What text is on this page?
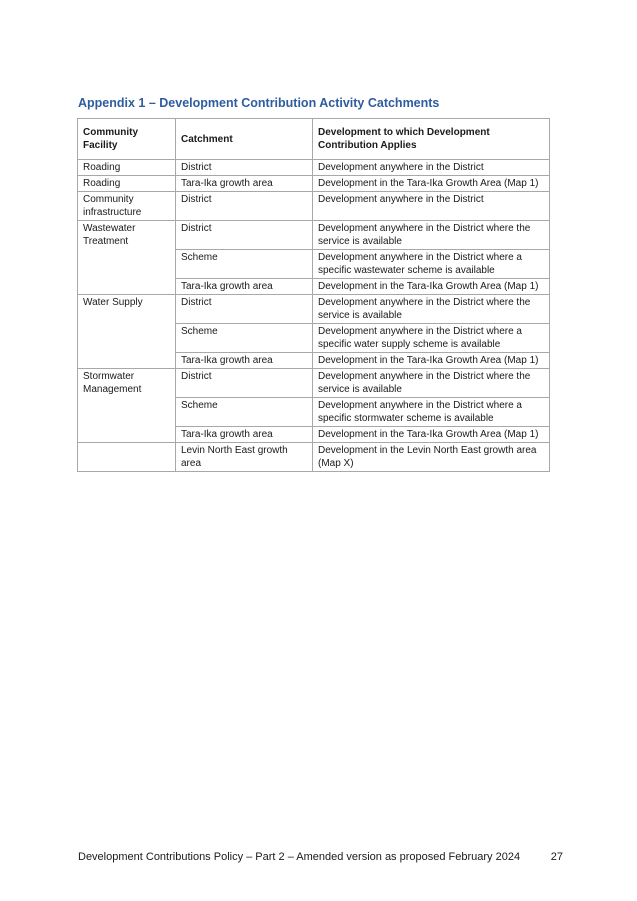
Appendix 1 – Development Contribution Activity Catchments
Community Facility	Catchment	Development to which Development Contribution Applies
Roading	District	Development anywhere in the District
Roading	Tara-Ika growth area	Development in the Tara-Ika Growth Area (Map 1)
Community infrastructure	District	Development anywhere in the District
Wastewater Treatment	District	Development anywhere in the District where the service is available
	Scheme	Development anywhere in the District where a specific wastewater scheme is available
	Tara-Ika growth area	Development in the Tara-Ika Growth Area (Map 1)
Water Supply	District	Development anywhere in the District where the service is available
	Scheme	Development anywhere in the District where a specific water supply scheme is available
	Tara-Ika growth area	Development in the Tara-Ika Growth Area (Map 1)
Stormwater Management	District	Development anywhere in the District where the service is available
	Scheme	Development anywhere in the District where a specific stormwater scheme is available
	Tara-Ika growth area	Development in the Tara-Ika Growth Area (Map 1)
	Levin North East growth area	Development in the Levin North East growth area (Map X)
Development Contributions Policy – Part 2 – Amended version as proposed February 2024	27
